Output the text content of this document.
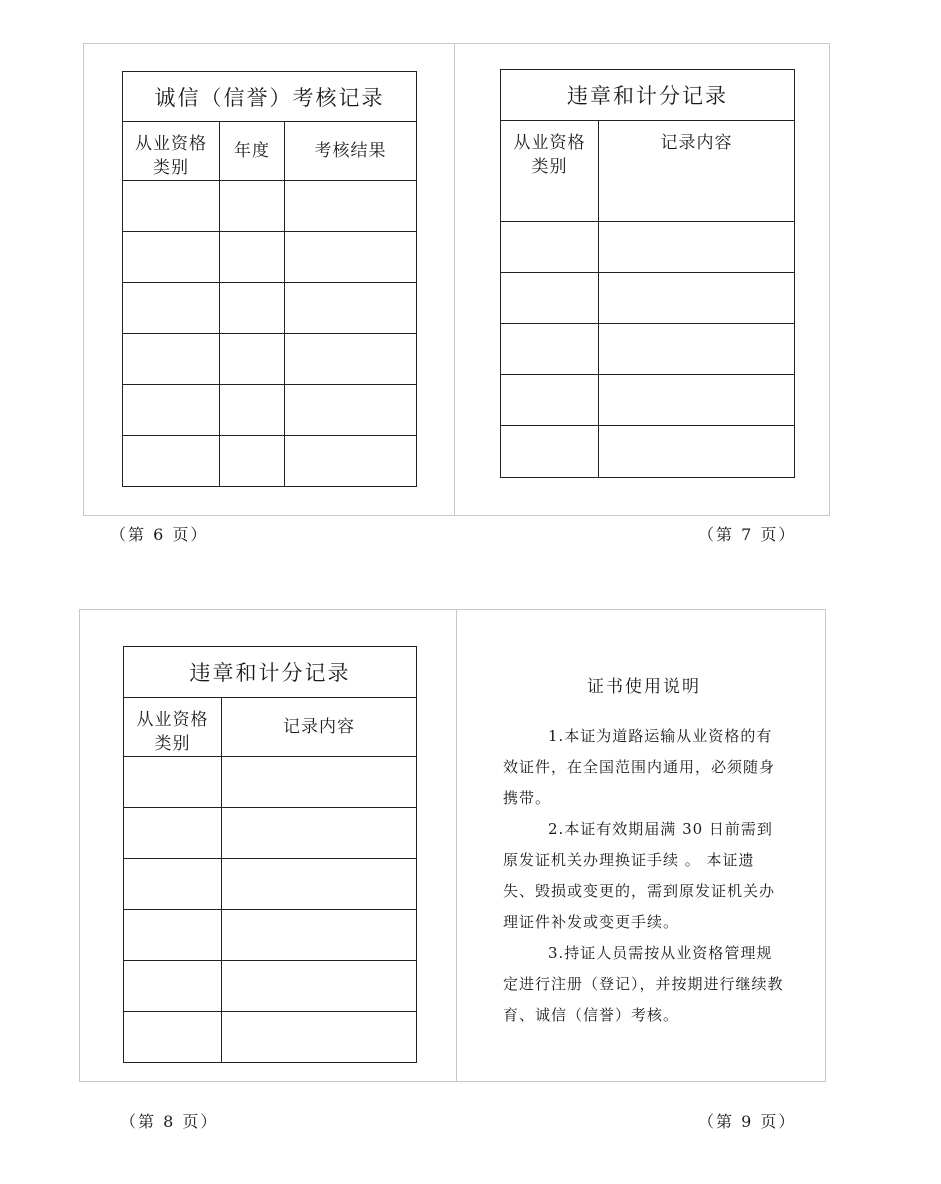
诚信（信誉）考核记录		
从业资格
类别	年度	考核结果

违章和计分记录	
从业资格
类别	记录内容

（第 6 页）	（第 7 页）
违章和计分记录	
从业资格
类别	记录内容

证书使用说明

1.本证为道路运输从业资格的有效证件，在全国范围内通用，必须随身携带。

2.本证有效期届满 30 日前需到原发证机关办理换证手续 。 本证遗失、毁损或变更的，需到原发证机关办理证件补发或变更手续。

3.持证人员需按从业资格管理规定进行注册（登记），并按期进行继续教育、诚信（信誉）考核。

（第 8 页）	（第 9 页）
